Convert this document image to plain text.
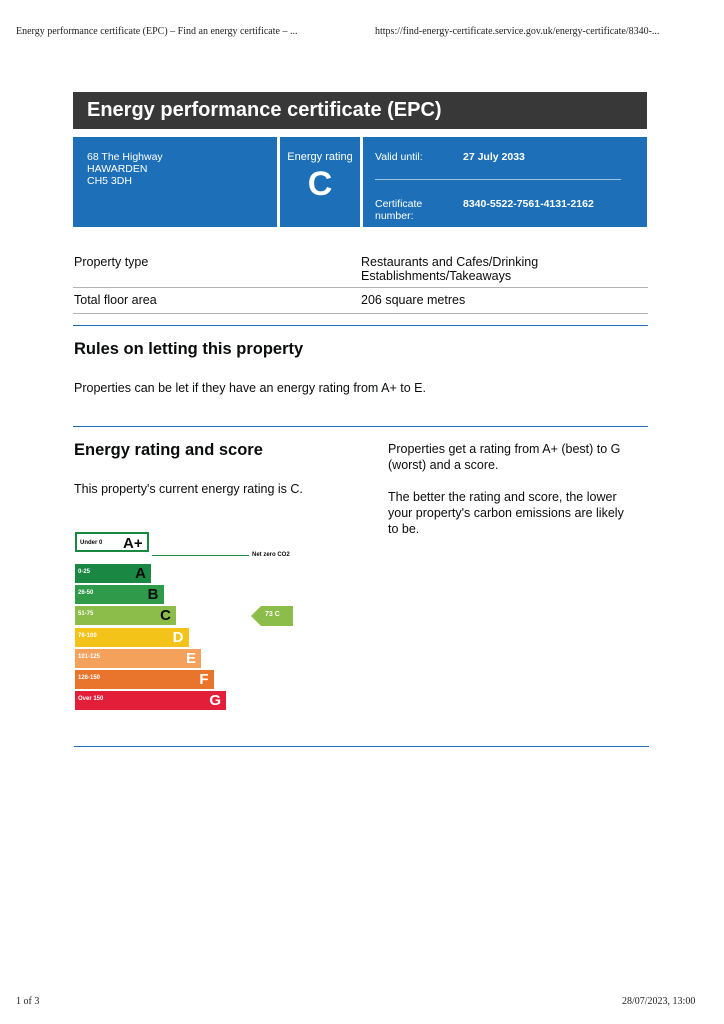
Energy performance certificate (EPC) – Find an energy certificate – ...	https://find-energy-certificate.service.gov.uk/energy-certificate/8340-...
Energy performance certificate (EPC)
68 The Highway
HAWARDEN
CH5 3DH
Energy rating
C
Valid until:	27 July 2033
Certificate
number:
8340-5522-7561-4131-2162
Property type	Restaurants and Cafes/Drinking
Establishments/Takeaways
Total floor area	206 square metres
Rules on letting this property
Properties can be let if they have an energy rating from A+ to E.
Energy rating and score
This property's current energy rating is C.
Properties get a rating from A+ (best) to G
(worst) and a score.
The better the rating and score, the lower
your property's carbon emissions are likely
to be.
Under 0 A+
Net zero CO2
0-25	A
26-50	B
51-75	C
76-100	D
101-125	E
126-150	F
Over 150	G
73 C
1 of 3	28/07/2023, 13:00
